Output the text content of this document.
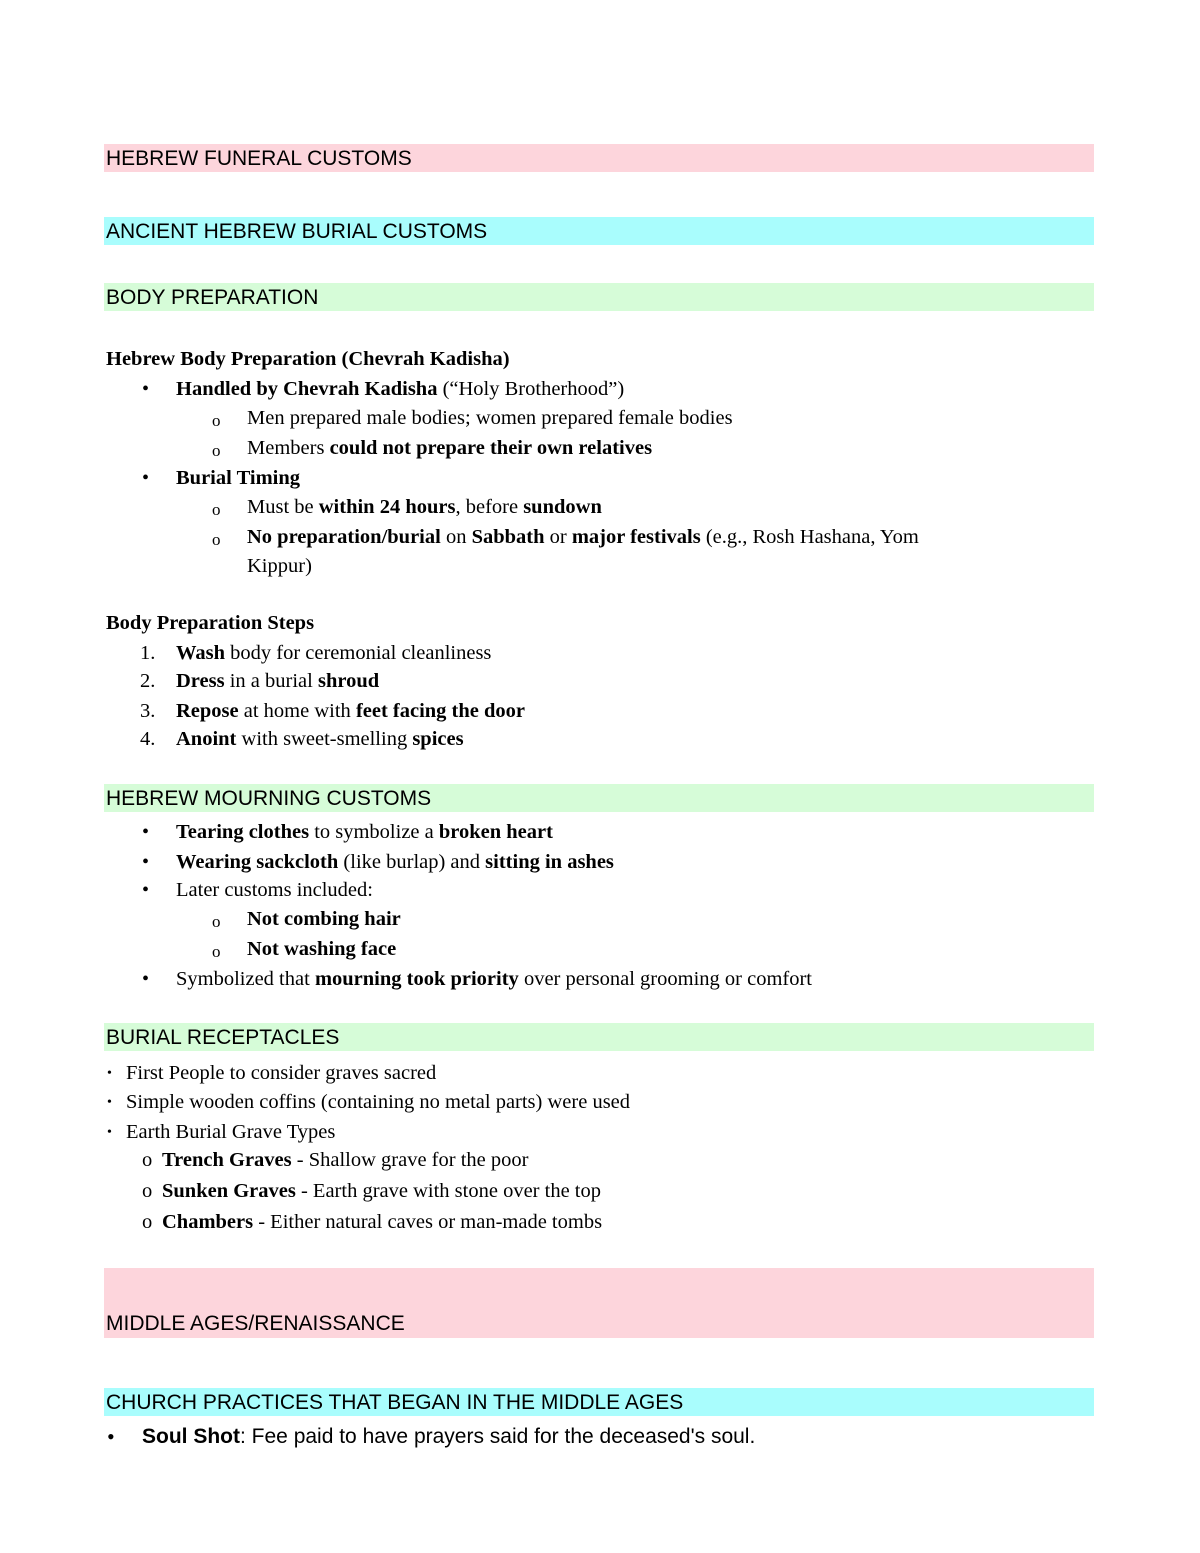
HEBREW FUNERAL CUSTOMS
ANCIENT HEBREW BURIAL CUSTOMS
BODY PREPARATION
Hebrew Body Preparation (Chevrah Kadisha)
• Handled by Chevrah Kadisha (“Holy Brotherhood”)
o Men prepared male bodies; women prepared female bodies
o Members could not prepare their own relatives
• Burial Timing
o Must be within 24 hours, before sundown
o No preparation/burial on Sabbath or major festivals (e.g., Rosh Hashana, Yom
Kippur)
Body Preparation Steps
1. Wash body for ceremonial cleanliness
2. Dress in a burial shroud
3. Repose at home with feet facing the door
4. Anoint with sweet-smelling spices
HEBREW MOURNING CUSTOMS
• Tearing clothes to symbolize a broken heart
• Wearing sackcloth (like burlap) and sitting in ashes
• Later customs included:
o Not combing hair
o Not washing face
• Symbolized that mourning took priority over personal grooming or comfort
BURIAL RECEPTACLES
• First People to consider graves sacred
• Simple wooden coffins (containing no metal parts) were used
• Earth Burial Grave Types
o Trench Graves - Shallow grave for the poor
o Sunken Graves - Earth grave with stone over the top
o Chambers - Either natural caves or man-made tombs
MIDDLE AGES/RENAISSANCE
CHURCH PRACTICES THAT BEGAN IN THE MIDDLE AGES
• Soul Shot: Fee paid to have prayers said for the deceased's soul.
